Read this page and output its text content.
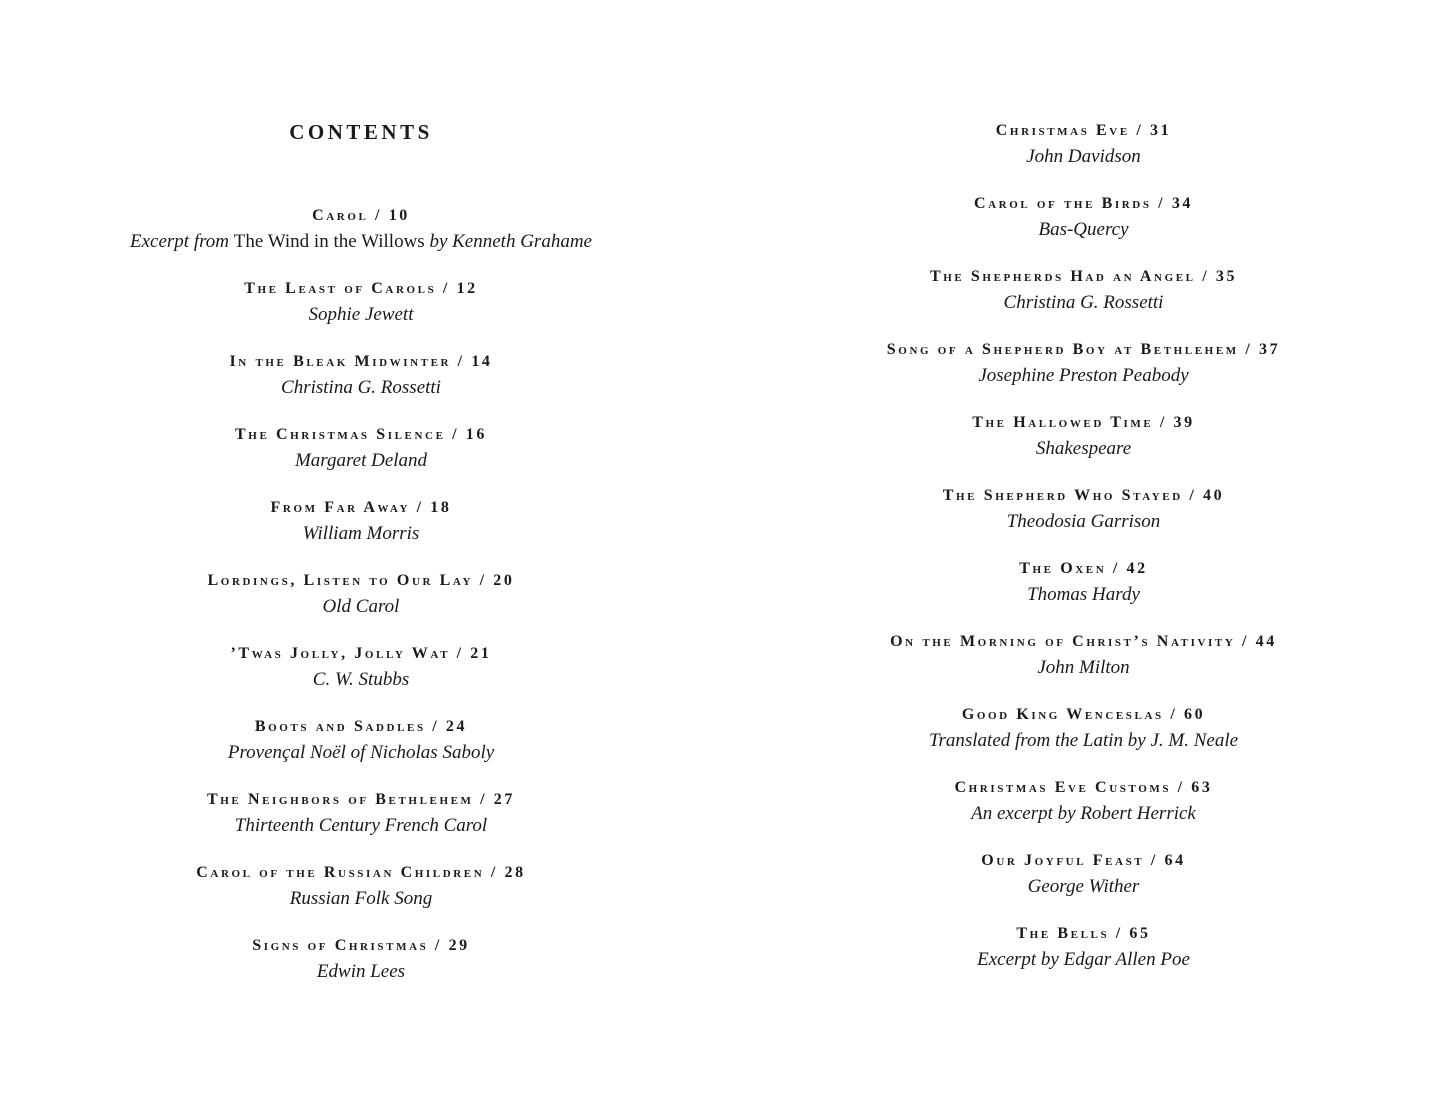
CONTENTS
Carol / 10
Excerpt from The Wind in the Willows by Kenneth Grahame
The Least of Carols / 12
Sophie Jewett
In the Bleak Midwinter / 14
Christina G. Rossetti
The Christmas Silence / 16
Margaret Deland
From Far Away / 18
William Morris
Lordings, Listen to Our Lay / 20
Old Carol
’Twas Jolly, Jolly Wat / 21
C. W. Stubbs
Boots and Saddles / 24
Provençal Noël of Nicholas Saboly
The Neighbors of Bethlehem / 27
Thirteenth Century French Carol
Carol of the Russian Children / 28
Russian Folk Song
Signs of Christmas / 29
Edwin Lees
Christmas Eve / 31
John Davidson
Carol of the Birds / 34
Bas-Quercy
The Shepherds Had an Angel / 35
Christina G. Rossetti
Song of a Shepherd Boy at Bethlehem / 37
Josephine Preston Peabody
The Hallowed Time / 39
Shakespeare
The Shepherd Who Stayed / 40
Theodosia Garrison
The Oxen / 42
Thomas Hardy
On the Morning of Christ’s Nativity / 44
John Milton
Good King Wenceslas / 60
Translated from the Latin by J. M. Neale
Christmas Eve Customs / 63
An excerpt by Robert Herrick
Our Joyful Feast / 64
George Wither
The Bells / 65
Excerpt by Edgar Allen Poe
